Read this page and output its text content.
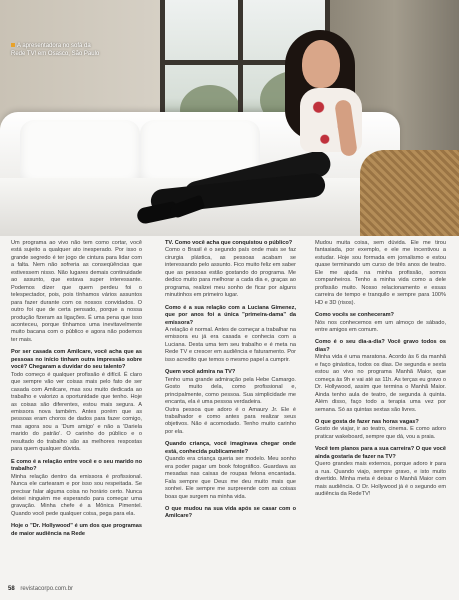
A apresentadora no sofá da Rede TV! em Osasco, São Paulo

Um programa ao vivo não tem como cortar, você está sujeito a qualquer ato inesperado. Por isso o grande segredo é ter jogo de cintura para lidar com a falta. Nem não sofreria as conseqüências que estivessem nisso. Não lugares demais continuidade ao assunto, que estava super interessante. Podemos dizer que quem perdeu foi o telespectador, pois, pois tínhamos vários assuntos para fazer durante com os nossos convidados. O outro foi que de certa pensado, porque a nossa produção fizeram as ligações. É uma pena que isso aconteceu, porque tínhamos uma inevitavelmente muito bacana com o público e agora não podemos ter mais.

Por ser casada com Amilcare, você acha que as pessoas no início tinham outra impressão sobre você? Chegaram a duvidar do seu talento?

Todo começo é qualquer profissão é difícil. É claro que sempre vão ver coisas mais pelo fato de ser casada com Amilcare, mas sou muito dedicada ao trabalho e valorizo a oportunidade que tenho. Hoje as coisas são diferentes, estou mais segura. A emissora nova também. Antes porém que as pessoas eram choros de dados para fazer comigo, mas agora sou a 'Dum amigo' e não a 'Dariela marido do patrão'. O carinho do público e o resultado do trabalho são as melhores respostas para quem qualquer dúvida.

E como é a relação entre você e o seu marido no trabalho?

Minha relação dentro da emissora é profissional. Nunca ele cartearam e por isso sou respeitada. Se precisar falar alguma coisa no horário certo. Nunca deixei ninguém me esperando para começar uma gravação. Minha chefe é a Mônica Pimentel. Quando você pede qualquer coisa, pega para ela.

Hoje o "Dr. Hollywood" é um dos que programas de maior audiência na Rede

TV. Como você acha que conquistou o público?

Como o Brasil é o segundo país onde mais se faz cirurgia plástica, as pessoas acabam se interessando pelo assunto. Fico muito feliz em saber que as pessoas estão gostando do programa. Me dedico muito para melhorar a cada dia e, graças ao programa, realizei meu sonho de ficar por alguns minutinhos em primeiro lugar.

Como é a sua relação com a Luciana Gimenez, que por anos foi a única "primeira-dama" da emissora?

A relação é normal. Antes de começar a trabalhar na emissora eu já era casada e conhecia com a Luciana. Desta uma tem seu trabalho e é meta na Rede TV e crescer em audiência e faturamento. Por isso acredito que temos o mesmo papel a cumprir.

Quem você admira na TV?

Tenho uma grande admiração pela Hebe Camargo. Gosto muito dela, como profissional e, principalmente, como pessoa. Sua simplicidade me encanta, ela é uma pessoa verdadeira.

Outra pessoa que adoro é o Amaury Jr. Ele é trabalhador e como antes para realizar seus objetivos. Não é acomodado. Tenho muito carinho por ela.

Quando criança, você imaginava chegar onde está, conhecida publicamente?

Quando era criança queria ser modelo. Meu sonho era poder pagar um book fotográfico. Guardava as mesadas nas caixas de roupas felona encantada. Fala sempre que Deus me deu muito mais que sonhei. Ele sempre me surpreende com as coisas boas que surgem na minha vida.

O que mudou na sua vida após se casar com o Amilcare?

Mudou muita coisa, sem dúvida. Ele me tirou fantasiada, por exemplo, e ele me incentivou a estudar. Hoje sou formada em jornalismo e estou quase terminando um curso de três anos de teatro. Ele me ajuda na minha profissão, somos companheiros. Tenho a minha vida como a dele profissão muito. Nosso relacionamento e essas carreira de tempo e tranquilo e sempre para 100% HD e 3D (risos).

Como vocês se conheceram?

Nós nos conhecemos em um almoço de sábado, entre amigos em comum.

Como é o seu dia-a-dia? Você gravo todos os dias?

Minha vida é uma maratona. Acordo às 6 da manhã e faço ginástica, todos os dias. De segunda e sexta estou ao vivo no programa Manhã Maior, que começa às 9h e vai até as 11h. As terças eu gravo o Dr. Hollywood, assim que termina o Manhã Maior. Ainda tenho aula de teatro, de segunda à quinta. Além disso, faço todo a terapia uma vez por semana. Só as quintas sextas são livres.

O que gosta de fazer nas horas vagas?

Gosto de viajar, ir ao teatro, cinema. E como adoro praticar wakeboard, sempre que dá, vou a praia.

Você tem planos para a sua carreira? O que você ainda gostaria de fazer na TV?

Quero grandes mais externos, porque adoro ir para a rua. Quando viajo, sempre gravo, e isto muito divertido. Minha meta é deixar o Manhã Maior com mais audiência. O Dr. Hollywood já é o segundo em audiência da RedeTV!

58 revistacorpo.com.br
